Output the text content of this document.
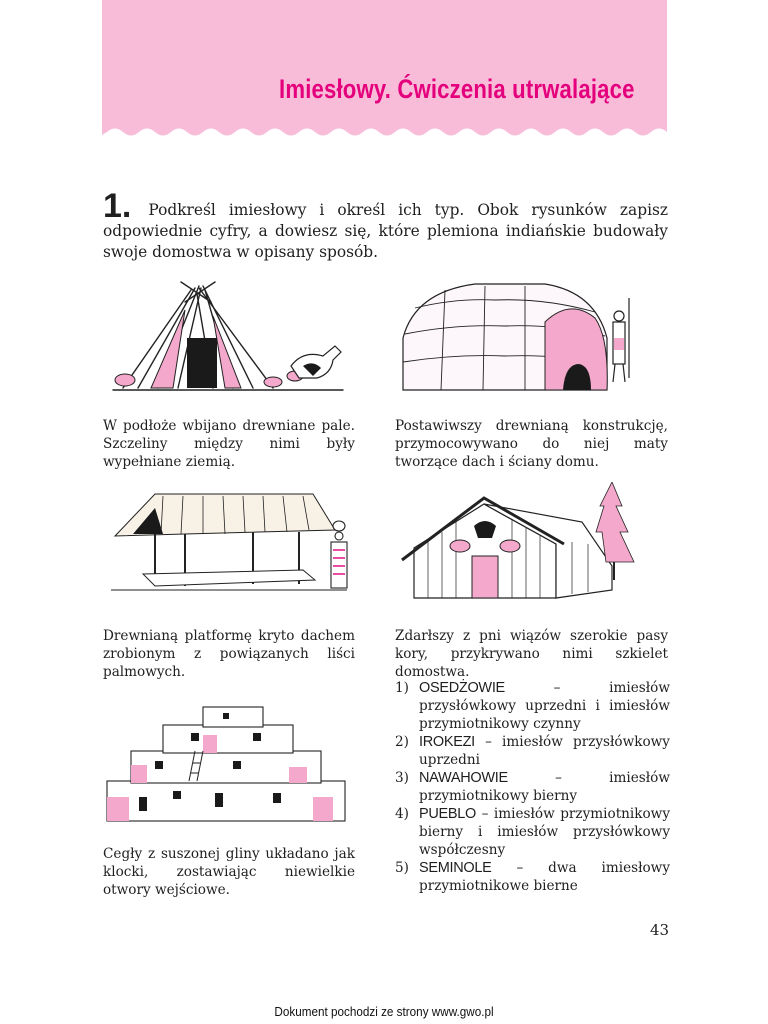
Imiesłowy. Ćwiczenia utrwalające
1. Podkreśl imiesłowy i określ ich typ. Obok rysunków zapisz odpowiednie cyfry, a dowiesz się, które plemiona indiańskie budowały swoje domostwa w opisany sposób.
W podłoże wbijano drewniane pale. Szczeliny między nimi były wypełniane ziemią.
Postawiwszy drewnianą konstrukcję, przymocowywano do niej maty tworzące dach i ściany domu.
Drewnianą platformę kryto dachem zrobionym z powiązanych liści palmowych.
Zdarłszy z pni wiązów szerokie pasy kory, przykrywano nimi szkielet domostwa.
Cegły z suszonej gliny układano jak klocki, zostawiając niewielkie otwory wejściowe.
1) OSEDŻOWIE	– imiesłów przysłówkowy uprzedni i imiesłów przymiotnikowy czynny
2) IROKEZI – imiesłów przysłówkowy uprzedni
3) NAWAHOWIE	– imiesłów przymiotnikowy bierny
4) PUEBLO – imiesłów przymiotnikowy bierny i imiesłów przysłówkowy współczesny
5) SEMINOLE – dwa imiesłowy przymiotnikowe bierne
43
Dokument pochodzi ze strony www.gwo.pl
